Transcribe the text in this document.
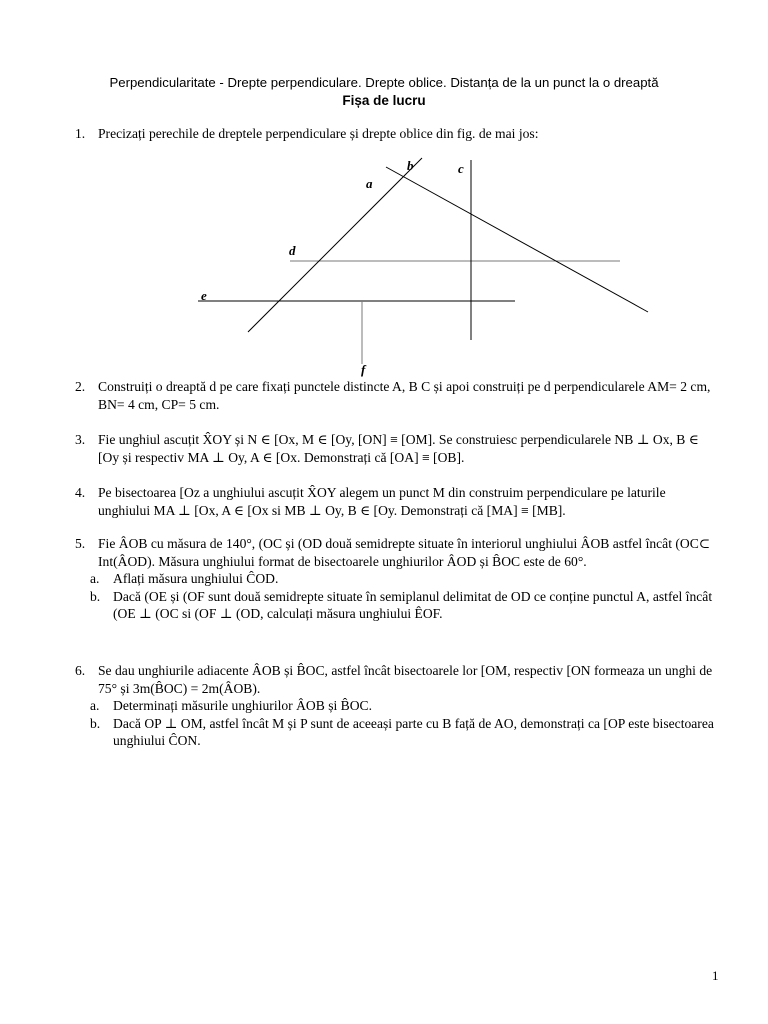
Perpendicularitate - Drepte perpendiculare. Drepte oblice. Distanța de la un punct la o dreaptă
Fișa de lucru
1. Precizați perechile de dreptele perpendiculare și drepte oblice din fig. de mai jos:
a
b	c
d
e
f
2. Construiți o dreaptă d pe care fixați punctele distincte A, B C și apoi construiți pe d perpendicularele AM= 2 cm, BN= 4 cm, CP= 5 cm.
3. Fie unghiul ascuțit X̂OY și N ∈ [Ox, M ∈ [Oy, [ON] ≡ [OM]. Se construiesc perpendicularele NB ⊥ Ox, B ∈ [Oy și respectiv MA ⊥ Oy, A ∈ [Ox. Demonstrați că [OA] ≡ [OB].
4. Pe bisectoarea [Oz a unghiului ascuțit X̂OY alegem un punct M din construim perpendiculare pe laturile unghiului MA ⊥ [Ox, A ∈ [Ox si MB ⊥ Oy, B ∈ [Oy. Demonstrați că [MA] ≡ [MB].
5. Fie ÂOB cu măsura de 140°, (OC și (OD două semidrepte situate în interiorul unghiului ÂOB astfel încât (OC⊂ Int(ÂOD). Măsura unghiului format de bisectoarele unghiurilor ÂOD și B̂OC este de 60°.
a. Aflați măsura unghiului ĈOD.
b. Dacă (OE și (OF sunt două semidrepte situate în semiplanul delimitat de OD ce conține punctul A, astfel încât (OE ⊥ (OC si (OF ⊥ (OD, calculați măsura unghiului ÊOF.
6. Se dau unghiurile adiacente ÂOB și B̂OC, astfel încât bisectoarele lor [OM, respectiv [ON formeaza un unghi de 75° și 3m(B̂OC) = 2m(ÂOB).
a. Determinați măsurile unghiurilor ÂOB și B̂OC.
b. Dacă OP ⊥ OM, astfel încât M și P sunt de aceeași parte cu B față de AO, demonstrați ca [OP este bisectoarea unghiului ĈON.
1
